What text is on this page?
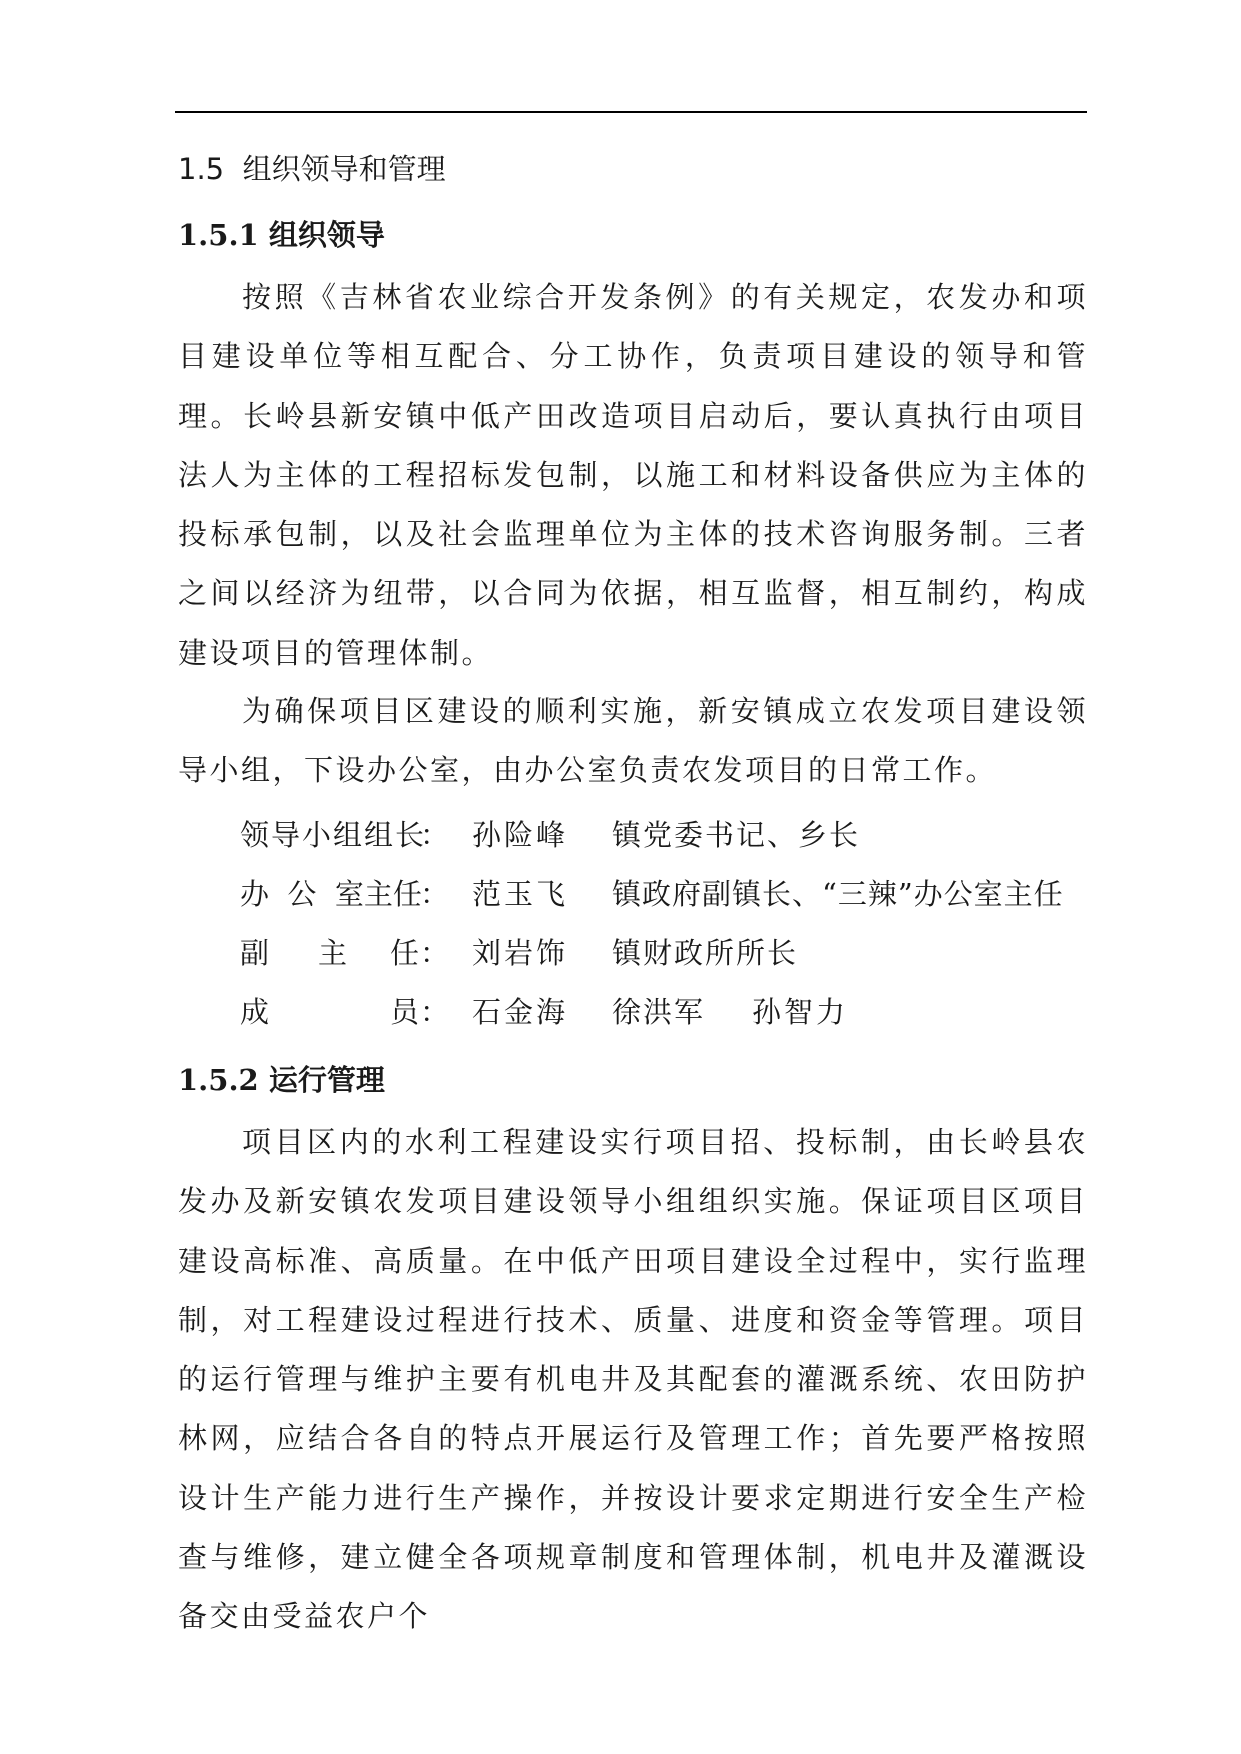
1.5 组织领导和管理
1.5.1 组织领导
按照《吉林省农业综合开发条例》的有关规定，农发办和项目建设单位等相互配合、分工协作，负责项目建设的领导和管理。长岭县新安镇中低产田改造项目启动后，要认真执行由项目法人为主体的工程招标发包制，以施工和材料设备供应为主体的投标承包制，以及社会监理单位为主体的技术咨询服务制。三者之间以经济为纽带，以合同为依据，相互监督，相互制约，构成建设项目的管理体制。
为确保项目区建设的顺利实施，新安镇成立农发项目建设领导小组，下设办公室，由办公室负责农发项目的日常工作。
领导小组组长
： 孙险峰 镇党委书记、乡长
办  公  室主任
： 范玉飞 镇政府副镇长、“三辣”办公室主任
副 主 任
： 刘岩饰 镇财政所所长
成	员
： 石金海 徐洪军 孙智力
1.5.2 运行管理
项目区内的水利工程建设实行项目招、投标制，由长岭县农发办及新安镇农发项目建设领导小组组织实施。保证项目区项目建设高标准、高质量。在中低产田项目建设全过程中，实行监理制，对工程建设过程进行技术、质量、进度和资金等管理。项目的运行管理与维护主要有机电井及其配套的灌溉系统、农田防护林网，应结合各自的特点开展运行及管理工作；首先要严格按照设计生产能力进行生产操作，并按设计要求定期进行安全生产检查与维修，建立健全各项规章制度和管理体制，机电井及灌溉设备交由受益农户个
